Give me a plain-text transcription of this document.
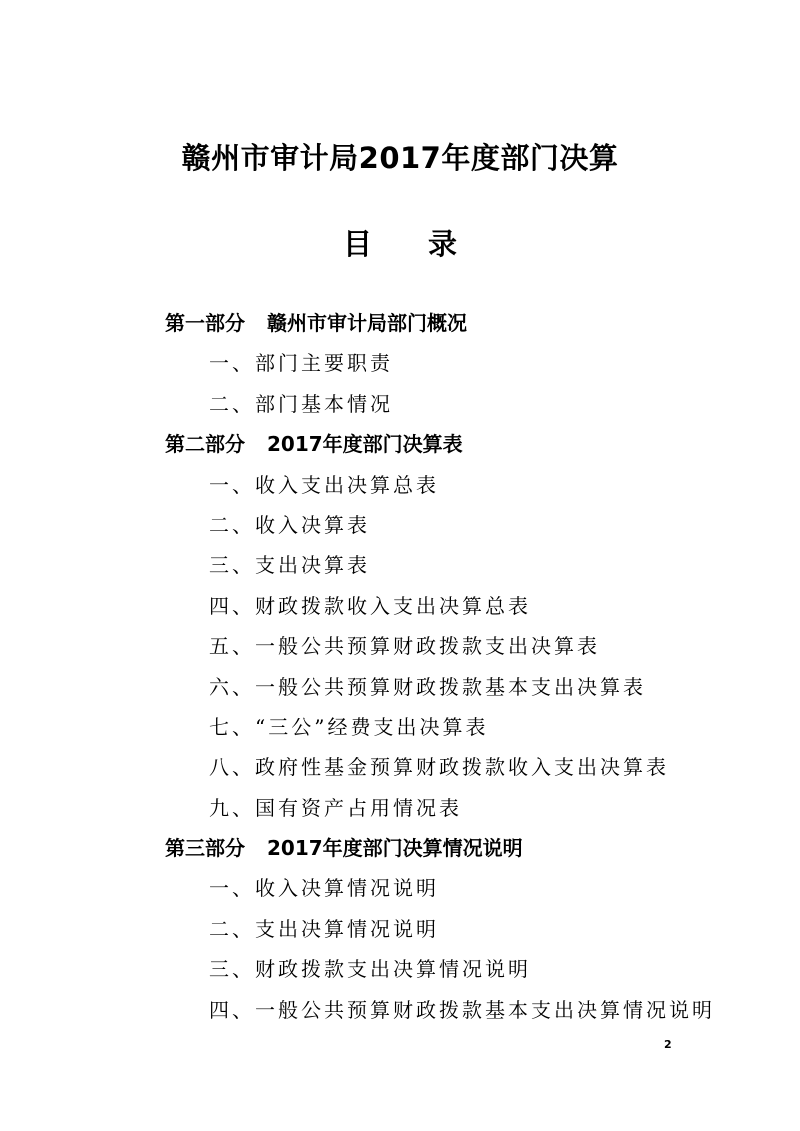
赣州市审计局2017年度部门决算
目 录
第一部分 赣州市审计局部门概况
一、部门主要职责
二、部门基本情况
第二部分 2017年度部门决算表
一、收入支出决算总表
二、收入决算表
三、支出决算表
四、财政拨款收入支出决算总表
五、一般公共预算财政拨款支出决算表
六、一般公共预算财政拨款基本支出决算表
七、“三公”经费支出决算表
八、政府性基金预算财政拨款收入支出决算表
九、国有资产占用情况表
第三部分 2017年度部门决算情况说明
一、收入决算情况说明
二、支出决算情况说明
三、财政拨款支出决算情况说明
四、一般公共预算财政拨款基本支出决算情况说明
2
